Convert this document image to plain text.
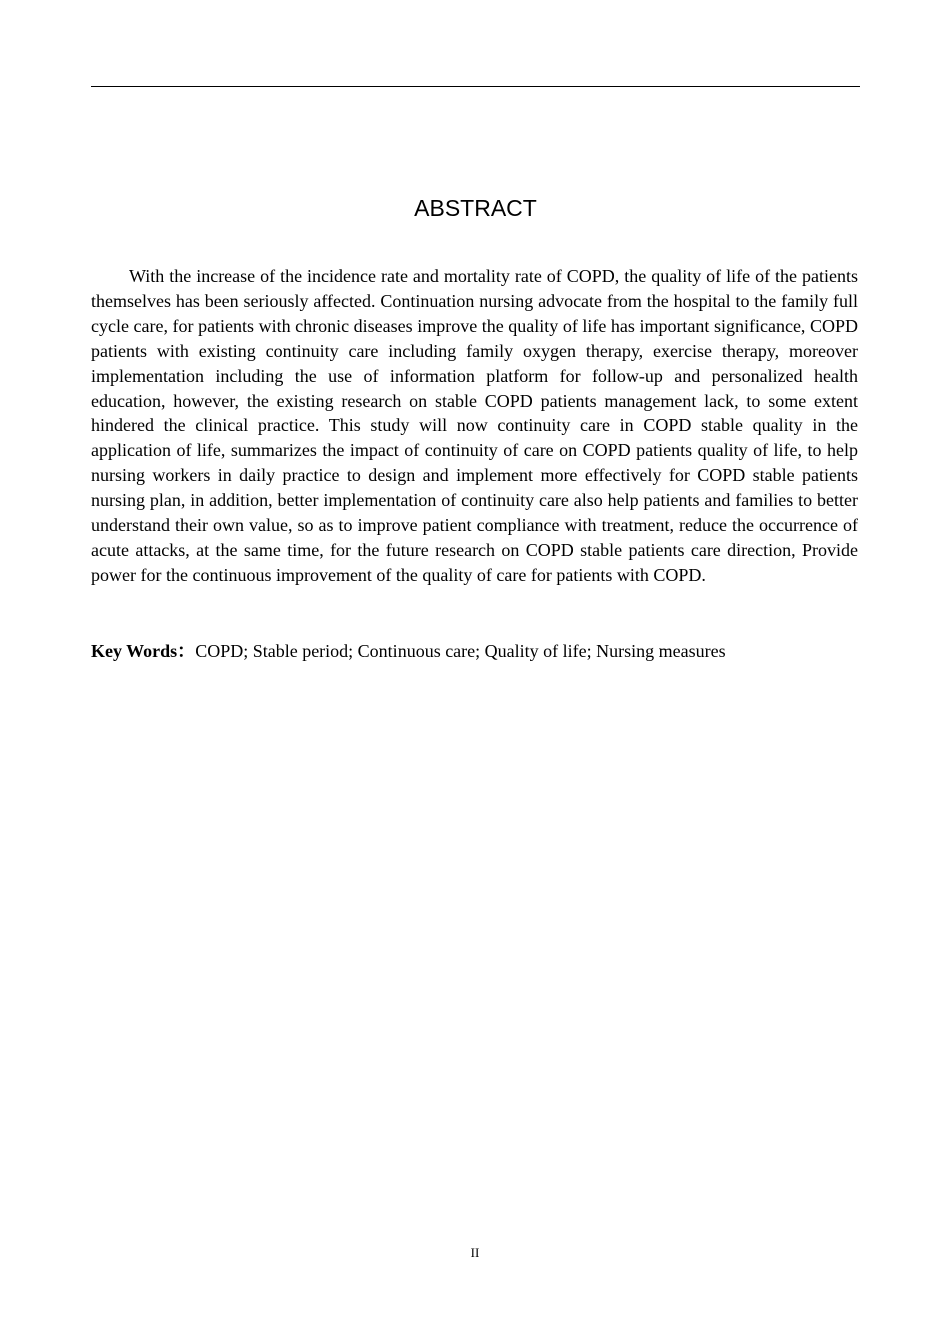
ABSTRACT

With the increase of the incidence rate and mortality rate of COPD, the quality of life of the patients themselves has been seriously affected. Continuation nursing advocate from the hospital to the family full cycle care, for patients with chronic diseases improve the quality of life has important significance, COPD patients with existing continuity care including family oxygen therapy, exercise therapy, moreover implementation including the use of information platform for follow-up and personalized health education, however, the existing research on stable COPD patients management lack, to some extent hindered the clinical practice. This study will now continuity care in COPD stable quality in the application of life, summarizes the impact of continuity of care on COPD patients quality of life, to help nursing workers in daily practice to design and implement more effectively for COPD stable patients nursing plan, in addition, better implementation of continuity care also help patients and families to better understand their own value, so as to improve patient compliance with treatment, reduce the occurrence of acute attacks, at the same time, for the future research on COPD stable patients care direction, Provide power for the continuous improvement of the quality of care for patients with COPD.

Key Words：COPD; Stable period; Continuous care; Quality of life; Nursing measures

II
